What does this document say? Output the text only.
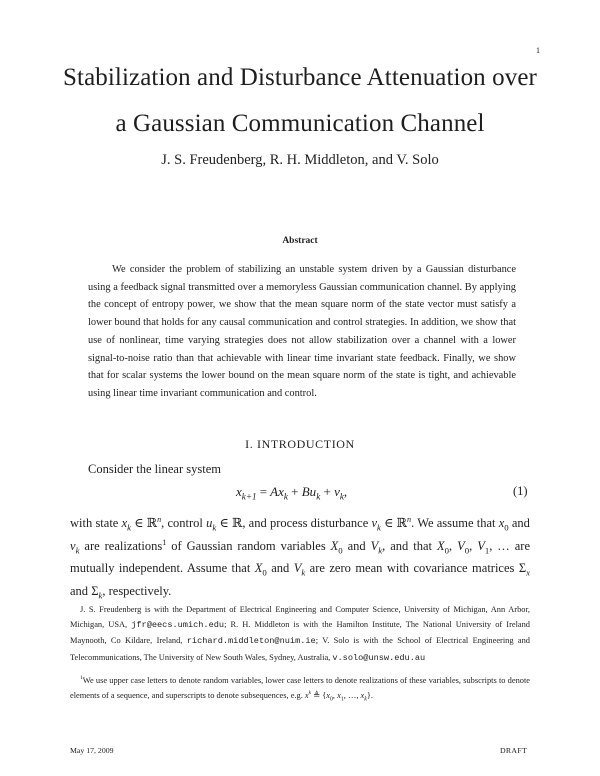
1
Stabilization and Disturbance Attenuation over
a Gaussian Communication Channel
J. S. Freudenberg, R. H. Middleton, and V. Solo
Abstract

We consider the problem of stabilizing an unstable system driven by a Gaussian disturbance using a feedback signal transmitted over a memoryless Gaussian communication channel. By applying the concept of entropy power, we show that the mean square norm of the state vector must satisfy a lower bound that holds for any causal communication and control strategies. In addition, we show that use of nonlinear, time varying strategies does not allow stabilization over a channel with a lower signal-to-noise ratio than that achievable with linear time invariant state feedback. Finally, we show that for scalar systems the lower bound on the mean square norm of the state is tight, and achievable using linear time invariant communication and control.

I. INTRODUCTION
Consider the linear system
$x_{k+1} = Ax_k + Bu_k + v_k$,	(1)

with state $x_k$ ∈ ℝ$^n$, control $u_k$ ∈ ℝ, and process disturbance $v_k$ ∈ ℝ$^n$. We assume that $x_0$ and $v_k$ are realizations$^1$ of Gaussian random variables $X_0$ and $V_k$, and that $X_0$, $V_0$, $V_1$, … are mutually independent. Assume that $X_0$ and $V_k$ are zero mean with covariance matrices $\Sigma_x$ and $\Sigma_k$, respectively.

J. S. Freudenberg is with the Department of Electrical Engineering and Computer Science, University of Michigan, Ann Arbor, Michigan, USA, jfr@eecs.umich.edu; R. H. Middleton is with the Hamilton Institute, The National University of Ireland Maynooth, Co Kildare, Ireland, richard.middleton@nuim.ie; V. Solo is with the School of Electrical Engineering and Telecommunications, The University of New South Wales, Sydney, Australia, v.solo@unsw.edu.au

$^1$We use upper case letters to denote random variables, lower case letters to denote realizations of these variables, subscripts to denote elements of a sequence, and superscripts to denote subsequences, e.g. $x^k$ ≜ {$x_0$, $x_1$, …, $x_k$}.

May 17, 2009	DRAFT
